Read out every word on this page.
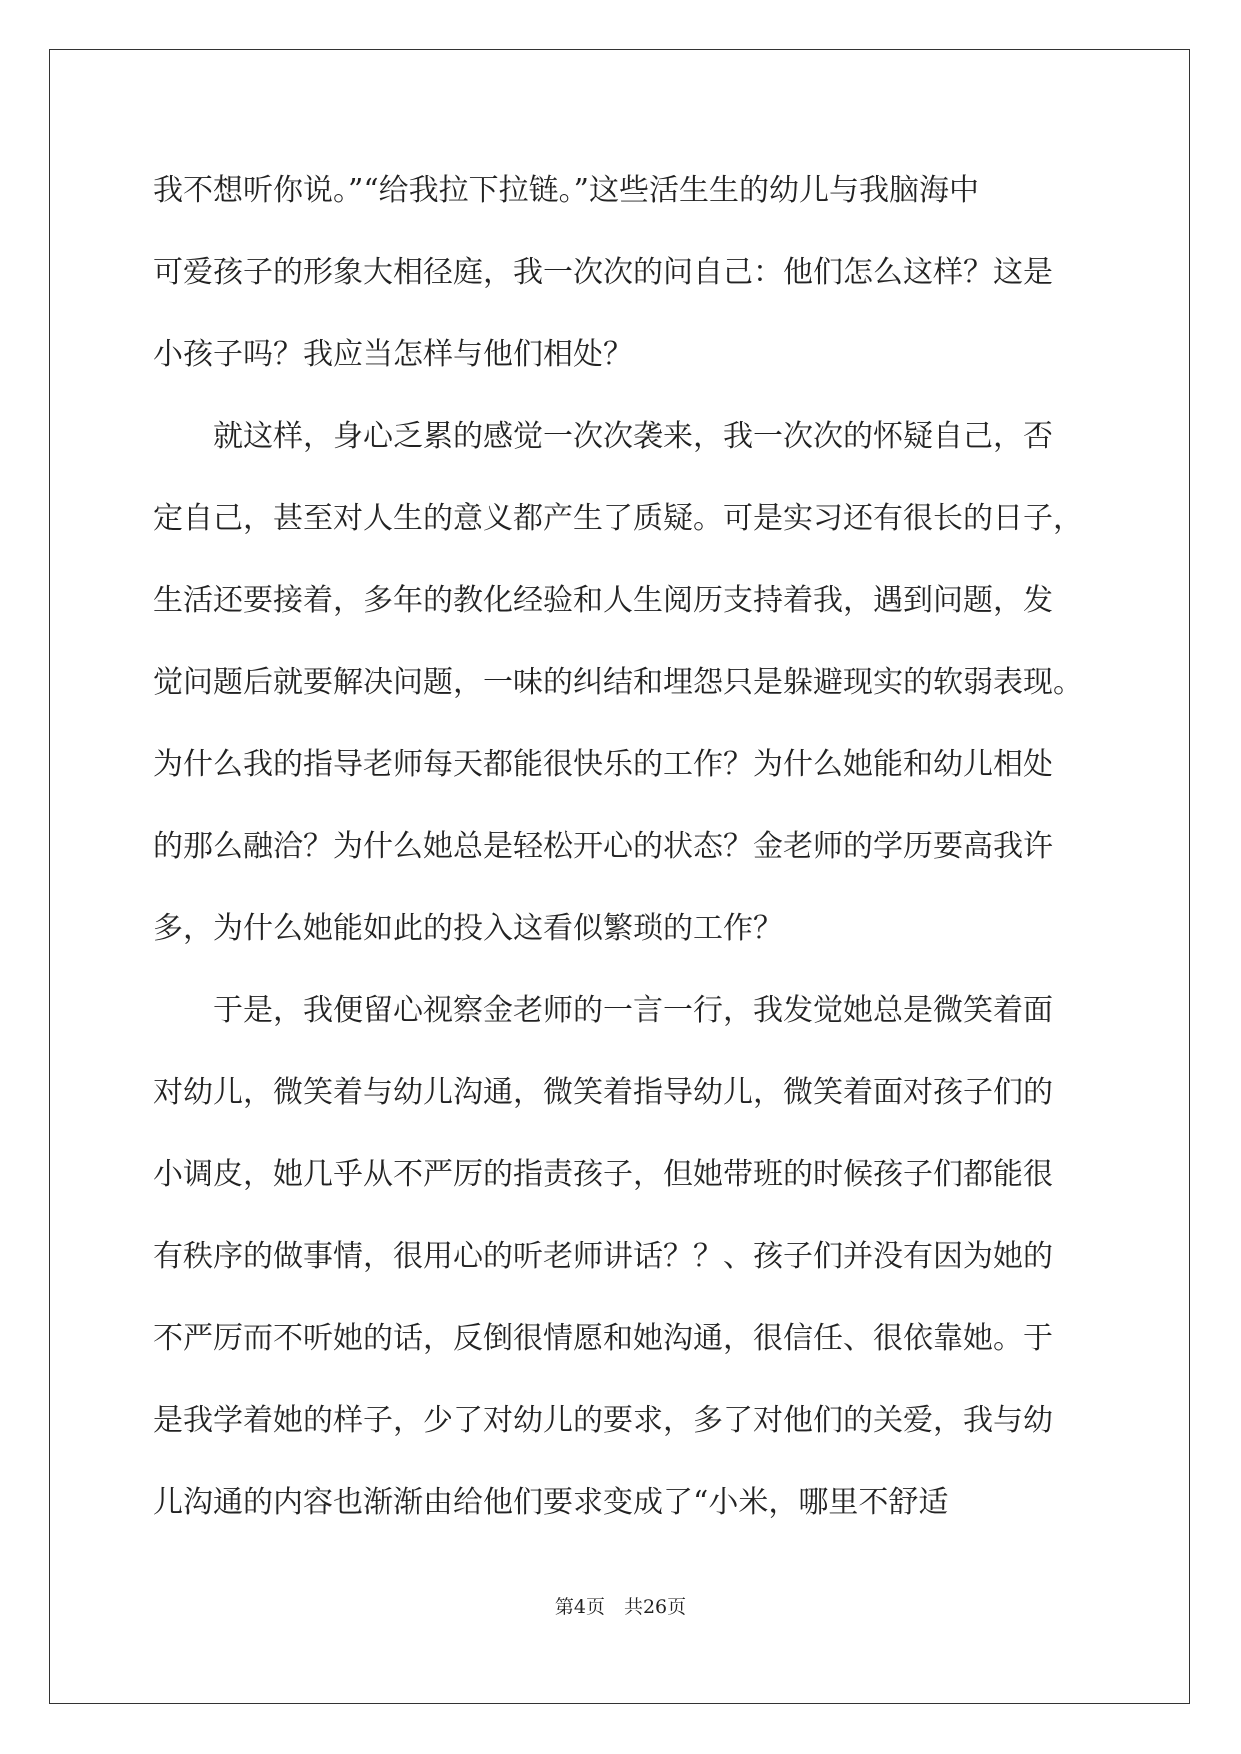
我不想听你说。”“给我拉下拉链。”这些活生生的幼儿与我脑海中
可爱孩子的形象大相径庭，我一次次的问自己：他们怎么这样？这是
小孩子吗？我应当怎样与他们相处？
就这样，身心乏累的感觉一次次袭来，我一次次的怀疑自己，否
定自己，甚至对人生的意义都产生了质疑。可是实习还有很长的日子，
生活还要接着，多年的教化经验和人生阅历支持着我，遇到问题，发
觉问题后就要解决问题，一味的纠结和埋怨只是躲避现实的软弱表现。
为什么我的指导老师每天都能很快乐的工作？为什么她能和幼儿相处
的那么融洽？为什么她总是轻松开心的状态？金老师的学历要高我许
多，为什么她能如此的投入这看似繁琐的工作？
于是，我便留心视察金老师的一言一行，我发觉她总是微笑着面
对幼儿，微笑着与幼儿沟通，微笑着指导幼儿，微笑着面对孩子们的
小调皮，她几乎从不严厉的指责孩子，但她带班的时候孩子们都能很
有秩序的做事情，很用心的听老师讲话？？、孩子们并没有因为她的
不严厉而不听她的话，反倒很情愿和她沟通，很信任、很依靠她。于
是我学着她的样子，少了对幼儿的要求，多了对他们的关爱，我与幼
儿沟通的内容也渐渐由给他们要求变成了“小米，哪里不舒适
第4页　共26页
